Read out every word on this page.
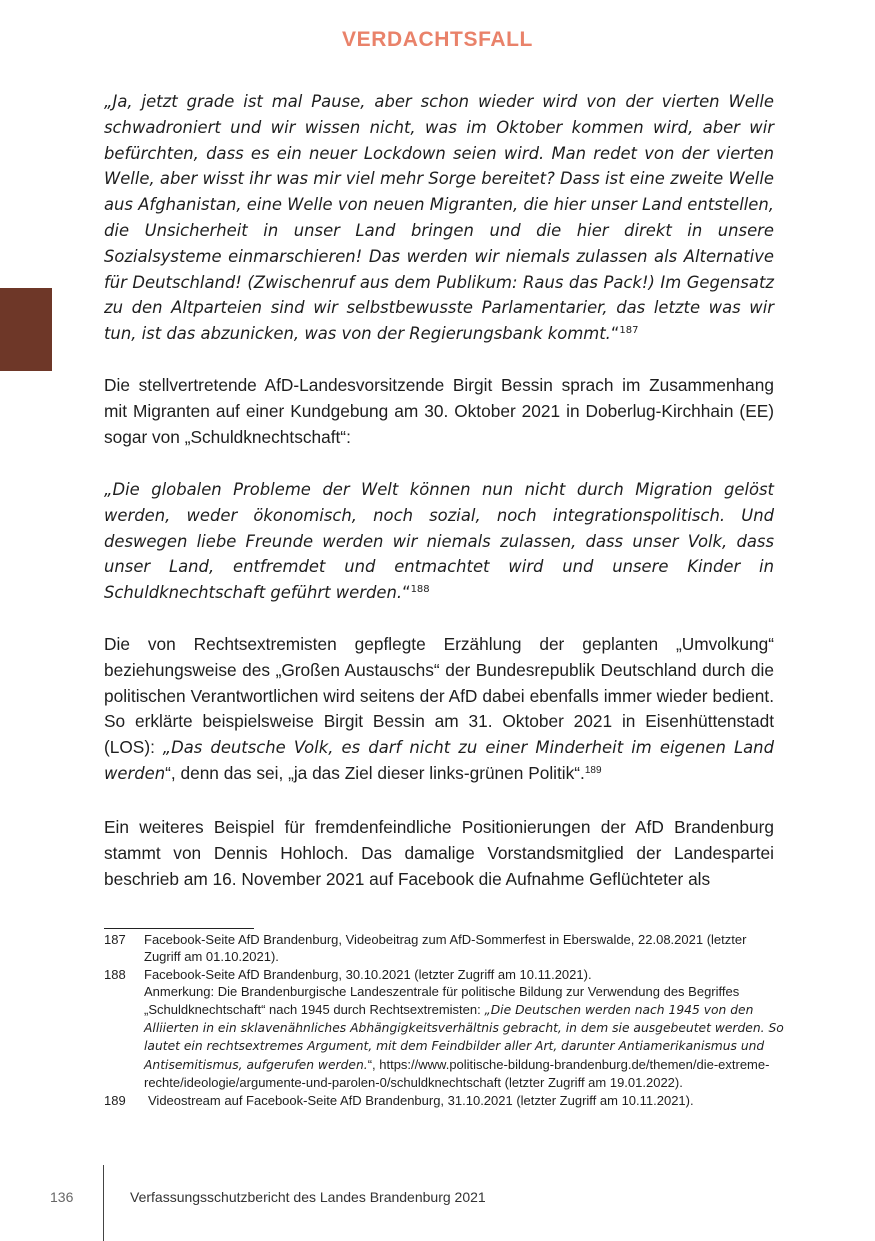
VERDACHTSFALL

„Ja, jetzt grade ist mal Pause, aber schon wieder wird von der vierten Welle schwadroniert und wir wissen nicht, was im Oktober kommen wird, aber wir befürchten, dass es ein neuer Lockdown seien wird. Man redet von der vierten Welle, aber wisst ihr was mir viel mehr Sorge bereitet? Dass ist eine zweite Welle aus Afghanistan, eine Welle von neuen Migranten, die hier unser Land entstellen, die Unsicherheit in unser Land bringen und die hier direkt in unsere Sozialsysteme einmarschieren! Das werden wir niemals zulassen als Alternative für Deutschland! (Zwischenruf aus dem Publikum: Raus das Pack!) Im Gegensatz zu den Altparteien sind wir selbstbewusste Parlamentarier, das letzte was wir tun, ist das abzunicken, was von der Regierungsbank kommt.“$^{187}$

Die stellvertretende AfD-Landesvorsitzende Birgit Bessin sprach im Zusammenhang mit Migranten auf einer Kundgebung am 30. Oktober 2021 in Doberlug-Kirchhain (EE) sogar von „Schuldknechtschaft“:

„Die globalen Probleme der Welt können nun nicht durch Migration gelöst werden, weder ökonomisch, noch sozial, noch integrationspolitisch. Und deswegen liebe Freunde werden wir niemals zulassen, dass unser Volk, dass unser Land, entfremdet und entmachtet wird und unsere Kinder in Schuldknechtschaft geführt werden.“$^{188}$

Die von Rechtsextremisten gepflegte Erzählung der geplanten „Umvolkung“ beziehungsweise des „Großen Austauschs“ der Bundesrepublik Deutschland durch die politischen Verantwortlichen wird seitens der AfD dabei ebenfalls immer wieder bedient. So erklärte beispielsweise Birgit Bessin am 31. Oktober 2021 in Eisenhüttenstadt (LOS): „Das deutsche Volk, es darf nicht zu einer Minderheit im eigenen Land werden“, denn das sei, „ja das Ziel dieser links-grünen Politik“.$^{189}$

Ein weiteres Beispiel für fremdenfeindliche Positionierungen der AfD Brandenburg stammt von Dennis Hohloch. Das damalige Vorstandsmitglied der Landespartei beschrieb am 16. November 2021 auf Facebook die Aufnahme Geflüchteter als

187	Facebook-Seite AfD Brandenburg, Videobeitrag zum AfD-Sommerfest in Eberswalde, 22.08.2021 (letzter Zugriff am 01.10.2021).
188	Facebook-Seite AfD Brandenburg, 30.10.2021 (letzter Zugriff am 10.11.2021).
Anmerkung: Die Brandenburgische Landeszentrale für politische Bildung zur Verwendung des Begriffes „Schuldknechtschaft“ nach 1945 durch Rechtsextremisten: „Die Deutschen werden nach 1945 von den Alliierten in ein sklavenähnliches Abhängigkeitsverhältnis gebracht, in dem sie ausgebeutet werden. So lautet ein rechtsextremes Argument, mit dem Feindbilder aller Art, darunter Antiamerikanismus und Antisemitismus, aufgerufen werden.“, https://www.politische-bildung-brandenburg.de/themen/die-extreme-rechte/ideologie/argumente-und-parolen-0/schuldknechtschaft (letzter Zugriff am 19.01.2022).
189	Videostream auf Facebook-Seite AfD Brandenburg, 31.10.2021 (letzter Zugriff am 10.11.2021).
136	Verfassungsschutzbericht des Landes Brandenburg 2021
